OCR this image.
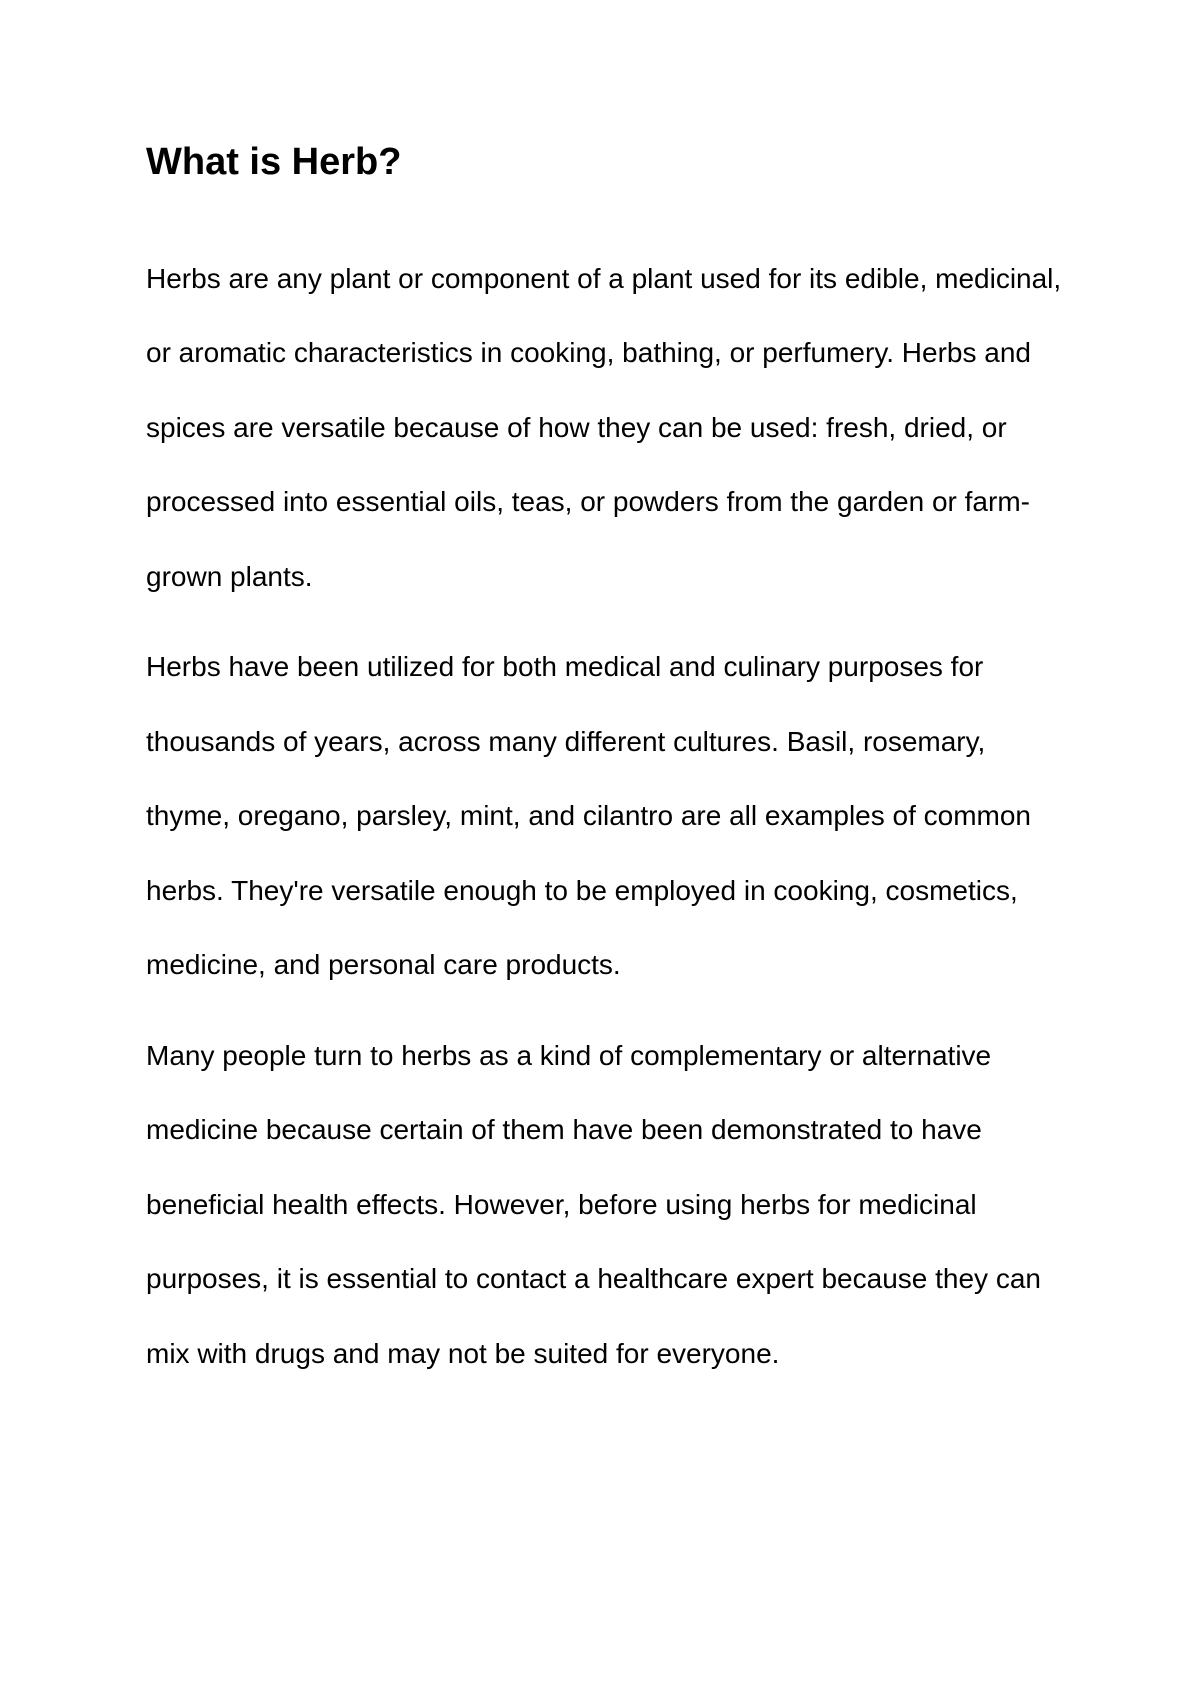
What is Herb?

Herbs are any plant or component of a plant used for its edible, medicinal, or aromatic characteristics in cooking, bathing, or perfumery. Herbs and spices are versatile because of how they can be used: fresh, dried, or processed into essential oils, teas, or powders from the garden or farm-grown plants.

Herbs have been utilized for both medical and culinary purposes for thousands of years, across many different cultures. Basil, rosemary, thyme, oregano, parsley, mint, and cilantro are all examples of common herbs. They're versatile enough to be employed in cooking, cosmetics, medicine, and personal care products.

Many people turn to herbs as a kind of complementary or alternative medicine because certain of them have been demonstrated to have beneficial health effects. However, before using herbs for medicinal purposes, it is essential to contact a healthcare expert because they can mix with drugs and may not be suited for everyone.
